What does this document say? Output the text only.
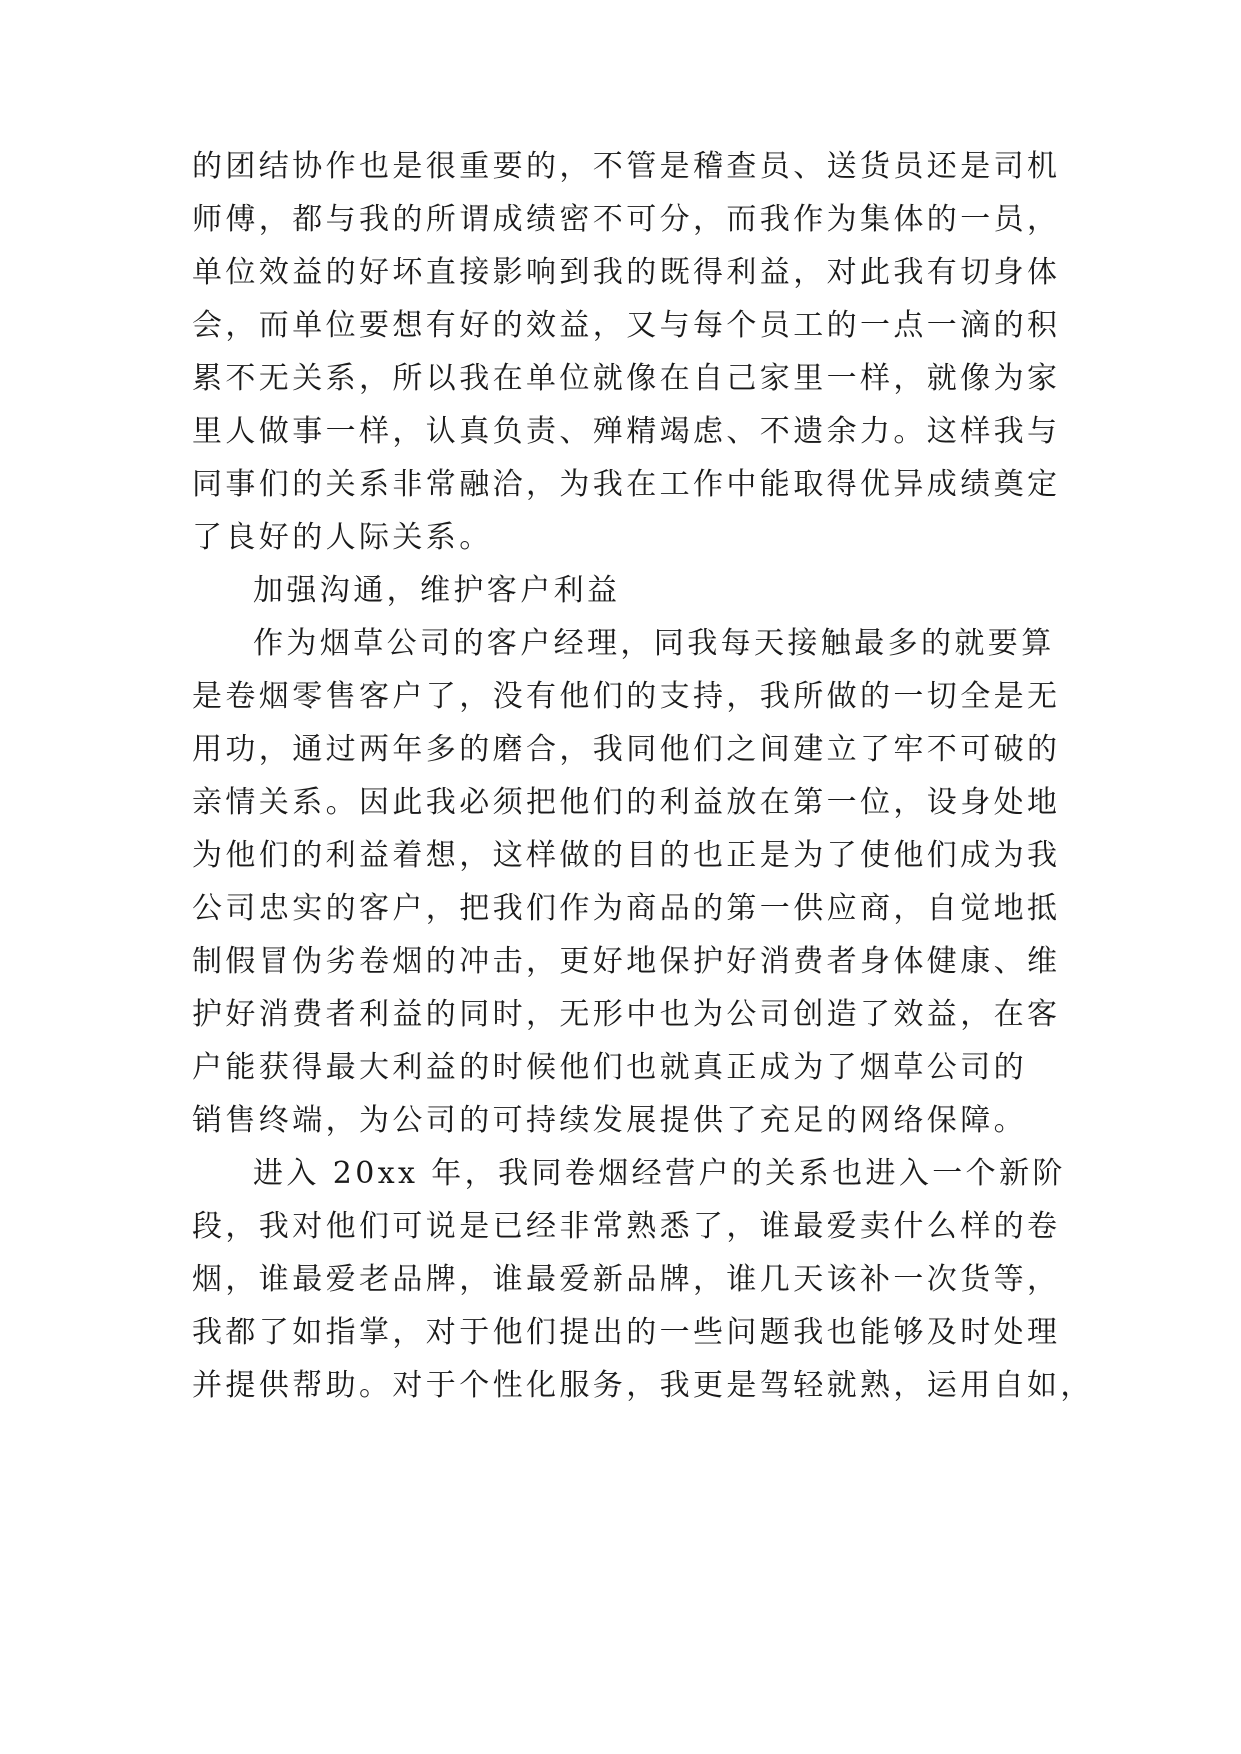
的团结协作也是很重要的，不管是稽查员、送货员还是司机
师傅，都与我的所谓成绩密不可分，而我作为集体的一员，
单位效益的好坏直接影响到我的既得利益，对此我有切身体
会，而单位要想有好的效益，又与每个员工的一点一滴的积
累不无关系，所以我在单位就像在自己家里一样，就像为家
里人做事一样，认真负责、殚精竭虑、不遗余力。这样我与
同事们的关系非常融洽，为我在工作中能取得优异成绩奠定
了良好的人际关系。
加强沟通，维护客户利益
作为烟草公司的客户经理，同我每天接触最多的就要算
是卷烟零售客户了，没有他们的支持，我所做的一切全是无
用功，通过两年多的磨合，我同他们之间建立了牢不可破的
亲情关系。因此我必须把他们的利益放在第一位，设身处地
为他们的利益着想，这样做的目的也正是为了使他们成为我
公司忠实的客户，把我们作为商品的第一供应商，自觉地抵
制假冒伪劣卷烟的冲击，更好地保护好消费者身体健康、维
护好消费者利益的同时，无形中也为公司创造了效益，在客
户能获得最大利益的时候他们也就真正成为了烟草公司的
销售终端，为公司的可持续发展提供了充足的网络保障。
进入 20xx 年，我同卷烟经营户的关系也进入一个新阶
段，我对他们可说是已经非常熟悉了，谁最爱卖什么样的卷
烟，谁最爱老品牌，谁最爱新品牌，谁几天该补一次货等，
我都了如指掌，对于他们提出的一些问题我也能够及时处理
并提供帮助。对于个性化服务，我更是驾轻就熟，运用自如，
